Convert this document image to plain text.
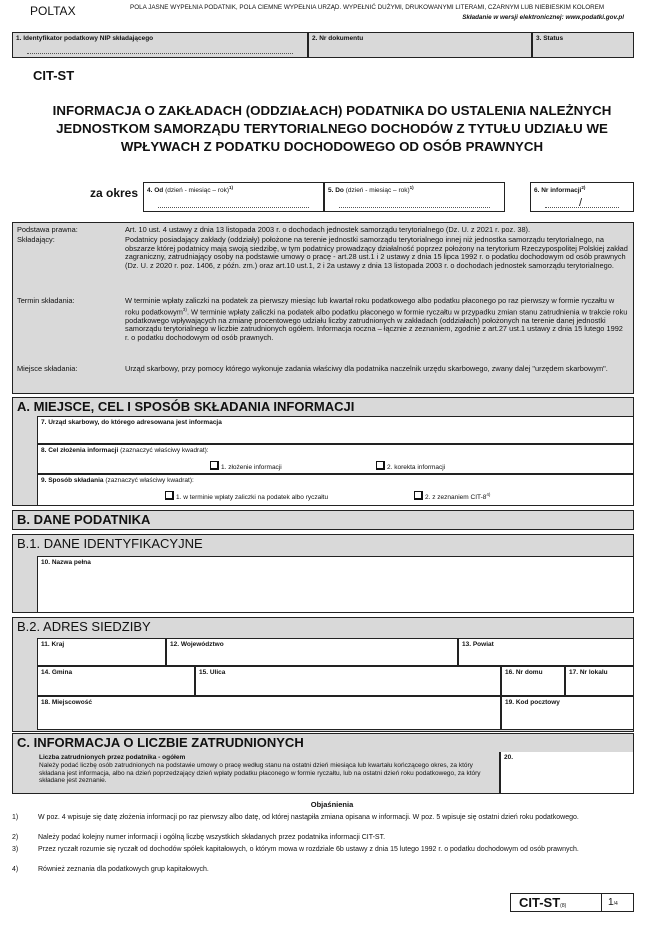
POLTAX	POLA JASNE WYPEŁNIA PODATNIK, POLA CIEMNE WYPEŁNIA URZĄD. WYPEŁNIĆ DUŻYMI, DRUKOWANYMI LITERAMI, CZARNYM LUB NIEBIESKIM KOLOREM
Składanie w wersji elektronicznej: www.podatki.gov.pl
1. Identyfikator podatkowy NIP składającego	2. Nr dokumentu	3. Status
CIT-ST
INFORMACJA O ZAKŁADACH (ODDZIAŁACH) PODATNIKA DO USTALENIA NALEŻNYCH JEDNOSTKOM SAMORZĄDU TERYTORIALNEGO DOCHODÓW Z TYTUŁU UDZIAŁU WE WPŁYWACH Z PODATKU DOCHODOWEGO OD OSÓB PRAWNYCH
za okres 4. Od (dzień - miesiąc – rok)$^{1)}$	5. Do (dzień - miesiąc – rok)$^{1)}$	6. Nr informacji$^{2)}$
/
Podstawa prawna:	Art. 10 ust. 4 ustawy z dnia 13 listopada 2003 r. o dochodach jednostek samorządu terytorialnego (Dz. U. z 2021 r. poz. 38).
Składający:	Podatnicy posiadający zakłady (oddziały) położone na terenie jednostki samorządu terytorialnego innej niż jednostka samorządu terytorialnego, na obszarze której podatnicy mają swoją siedzibę, w tym podatnicy prowadzący działalność poprzez położony na terytorium Rzeczypospolitej Polskiej zakład zagraniczny, zatrudniający osoby na podstawie umowy o pracę - art.28 ust.1 i 2 ustawy z dnia 15 lipca 1992 r. o podatku dochodowym od osób prawnych (Dz. U. z 2020 r. poz. 1406, z późn. zm.) oraz art.10 ust.1, 2 i 2a ustawy z dnia 13 listopada 2003 r. o dochodach jednostek samorządu terytorialnego.
Termin składania:	W terminie wpłaty zaliczki na podatek za pierwszy miesiąc lub kwartał roku podatkowego albo podatku płaconego po raz pierwszy w formie ryczałtu w roku podatkowym$^{3)}$. W terminie wpłaty zaliczki na podatek albo podatku płaconego w formie ryczałtu w przypadku zmian stanu zatrudnienia w trakcie roku podatkowego wpływających na zmianę procentowego udziału liczby zatrudnionych w zakładach (oddziałach) położonych na terenie danej jednostki samorządu terytorialnego w liczbie zatrudnionych ogółem. Informacja roczna – łącznie z zeznaniem, zgodnie z art.27 ust.1 ustawy z dnia 15 lutego 1992 r. o podatku dochodowym od osób prawnych.
Miejsce składania:	Urząd skarbowy, przy pomocy którego wykonuje zadania właściwy dla podatnika naczelnik urzędu skarbowego, zwany dalej "urzędem skarbowym".
A. MIEJSCE, CEL I SPOSÓB SKŁADANIA INFORMACJI
7. Urząd skarbowy, do którego adresowana jest informacja
8. Cel złożenia informacji (zaznaczyć właściwy kwadrat):
1. złożenie informacji	2. korekta informacji
9. Sposób składania (zaznaczyć właściwy kwadrat):
1. w terminie wpłaty zaliczki na podatek albo ryczałtu	2. z zeznaniem CIT-8$^{4)}$
B. DANE PODATNIKA
B.1. DANE IDENTYFIKACYJNE
10. Nazwa pełna
B.2. ADRES SIEDZIBY
11. Kraj	12. Województwo	13. Powiat
14. Gmina	15. Ulica	16. Nr domu	17. Nr lokalu
18. Miejscowość	19. Kod pocztowy
C. INFORMACJA O LICZBIE ZATRUDNIONYCH
Liczba zatrudnionych przez podatnika - ogółem
Należy podać liczbę osób zatrudnionych na podstawie umowy o pracę według stanu na ostatni dzień miesiąca lub kwartału kończącego okres, za który składana jest informacja, albo na dzień poprzedzający dzień wpłaty podatku płaconego w formie ryczałtu, lub na ostatni dzień roku podatkowego, za który składane jest zeznanie.
20.
Objaśnienia
1)	W poz. 4 wpisuje się datę złożenia informacji po raz pierwszy albo datę, od której nastąpiła zmiana opisana w informacji. W poz. 5 wpisuje się ostatni dzień roku podatkowego.
2)	Należy podać kolejny numer informacji i ogólną liczbę wszystkich składanych przez podatnika informacji CIT-ST.
3)	Przez ryczałt rozumie się ryczałt od dochodów spółek kapitałowych, o którym mowa w rozdziale 6b ustawy z dnia 15 lutego 1992 r. o podatku dochodowym od osób prawnych.
4)	Również zeznania dla podatkowych grup kapitałowych.
CIT-ST(8)	1/4
